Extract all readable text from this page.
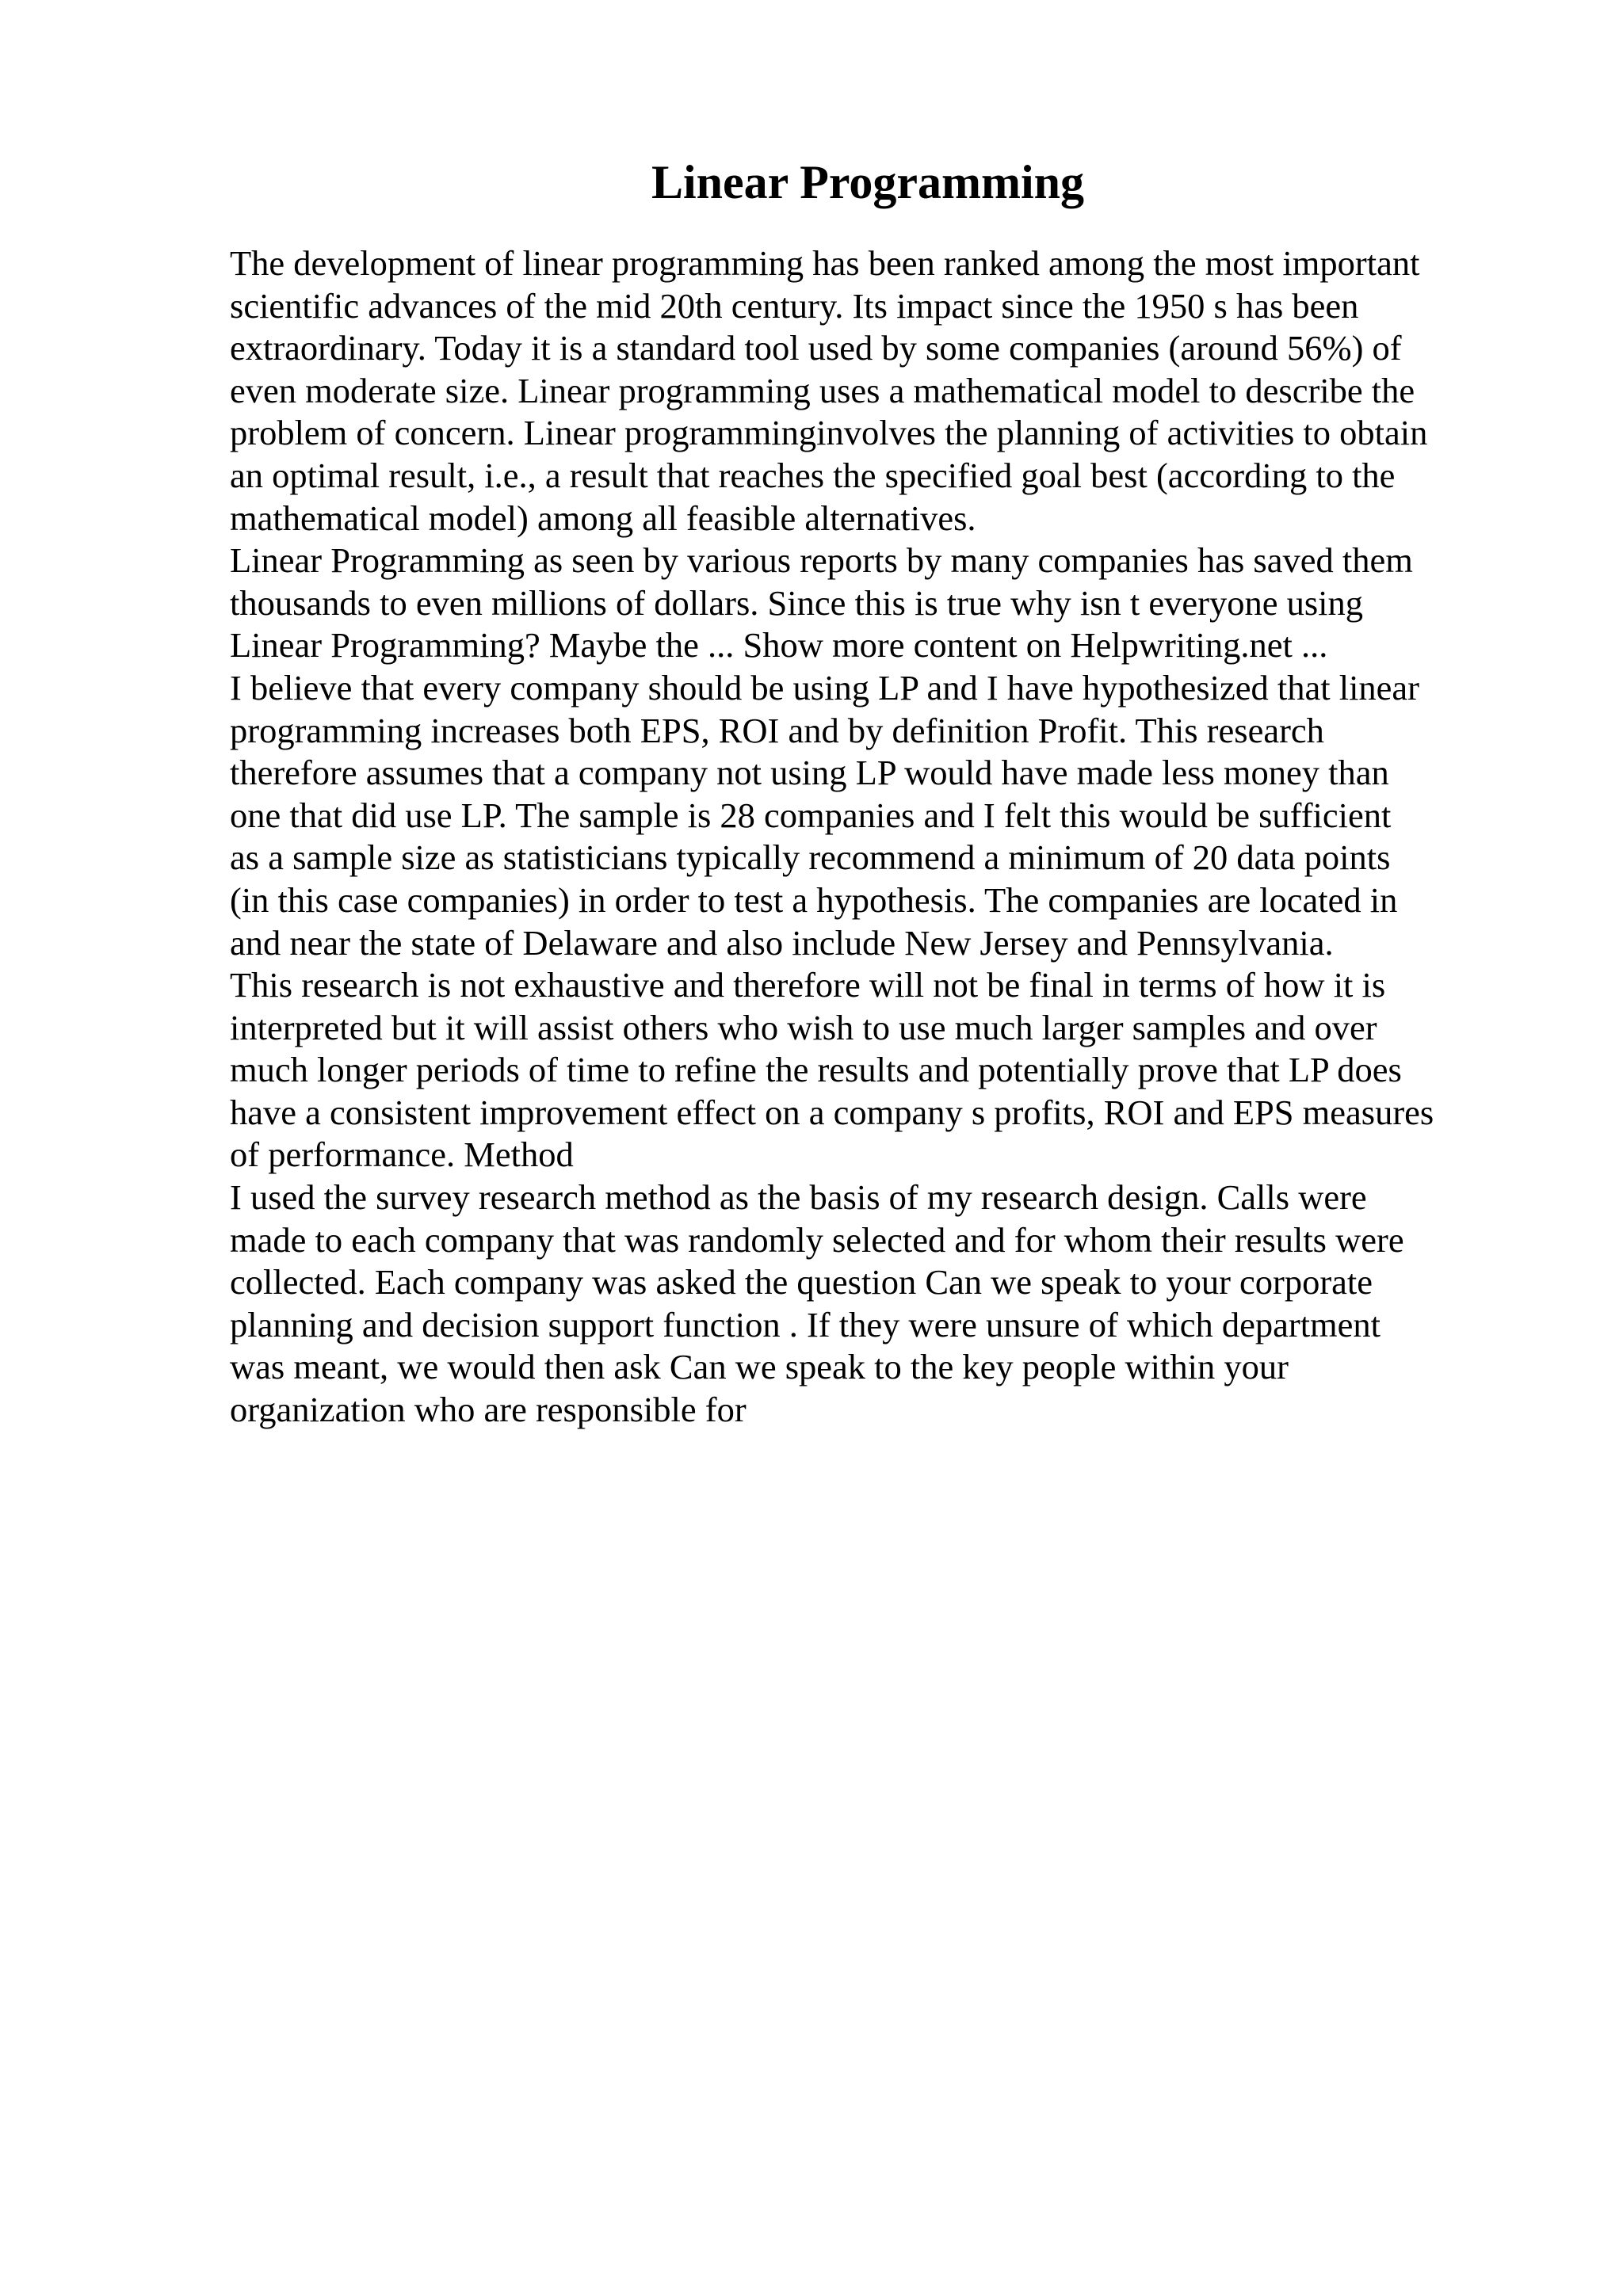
Linear Programming

The development of linear programming has been ranked among the most important
scientific advances of the mid 20th century. Its impact since the 1950 s has been
extraordinary. Today it is a standard tool used by some companies (around 56%) of
even moderate size. Linear programming uses a mathematical model to describe the
problem of concern. Linear programminginvolves the planning of activities to obtain
an optimal result, i.e., a result that reaches the specified goal best (according to the
mathematical model) among all feasible alternatives.

Linear Programming as seen by various reports by many companies has saved them
thousands to even millions of dollars. Since this is true why isn t everyone using
Linear Programming? Maybe the ... Show more content on Helpwriting.net ...

I believe that every company should be using LP and I have hypothesized that linear
programming increases both EPS, ROI and by definition Profit. This research
therefore assumes that a company not using LP would have made less money than
one that did use LP. The sample is 28 companies and I felt this would be sufficient
as a sample size as statisticians typically recommend a minimum of 20 data points
(in this case companies) in order to test a hypothesis. The companies are located in
and near the state of Delaware and also include New Jersey and Pennsylvania.

This research is not exhaustive and therefore will not be final in terms of how it is
interpreted but it will assist others who wish to use much larger samples and over
much longer periods of time to refine the results and potentially prove that LP does
have a consistent improvement effect on a company s profits, ROI and EPS measures
of performance. Method

I used the survey research method as the basis of my research design. Calls were
made to each company that was randomly selected and for whom their results were
collected. Each company was asked the question Can we speak to your corporate
planning and decision support function . If they were unsure of which department
was meant, we would then ask Can we speak to the key people within your
organization who are responsible for
